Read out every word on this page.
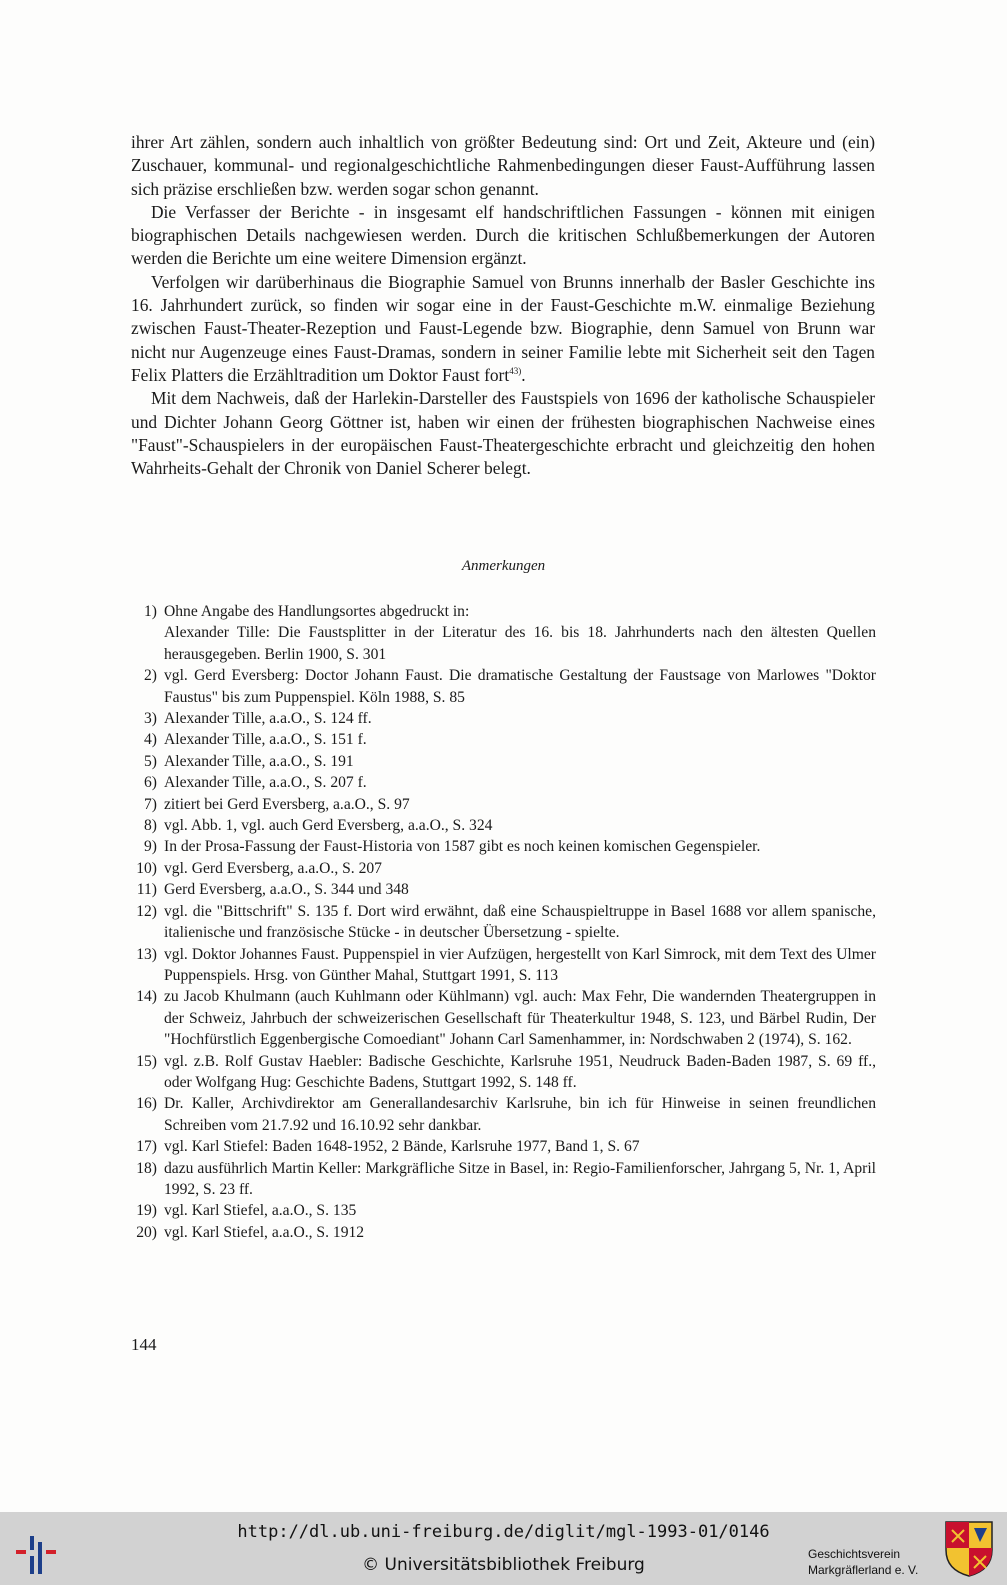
ihrer Art zählen, sondern auch inhaltlich von größter Bedeutung sind: Ort und Zeit, Akteure und (ein) Zuschauer, kommunal- und regionalgeschichtliche Rahmenbedingungen dieser Faust-Aufführung lassen sich präzise erschließen bzw. werden sogar schon genannt.

Die Verfasser der Berichte - in insgesamt elf handschriftlichen Fassungen - können mit einigen biographischen Details nachgewiesen werden. Durch die kritischen Schlußbemerkungen der Autoren werden die Berichte um eine weitere Dimension ergänzt.

Verfolgen wir darüberhinaus die Biographie Samuel von Brunns innerhalb der Basler Geschichte ins 16. Jahrhundert zurück, so finden wir sogar eine in der Faust-Geschichte m.W. einmalige Beziehung zwischen Faust-Theater-Rezeption und Faust-Legende bzw. Biographie, denn Samuel von Brunn war nicht nur Augenzeuge eines Faust-Dramas, sondern in seiner Familie lebte mit Sicherheit seit den Tagen Felix Platters die Erzähltradition um Doktor Faust fort$^{43)}$.

Mit dem Nachweis, daß der Harlekin-Darsteller des Faustspiels von 1696 der katholische Schauspieler und Dichter Johann Georg Göttner ist, haben wir einen der frühesten biographischen Nachweise eines "Faust"-Schauspielers in der europäischen Faust-Theatergeschichte erbracht und gleichzeitig den hohen Wahrheits-Gehalt der Chronik von Daniel Scherer belegt.

Anmerkungen
1) Ohne Angabe des Handlungsortes abgedruckt in:
Alexander Tille: Die Faustsplitter in der Literatur des 16. bis 18. Jahrhunderts nach den ältesten Quellen herausgegeben. Berlin 1900, S. 301
2) vgl. Gerd Eversberg: Doctor Johann Faust. Die dramatische Gestaltung der Faustsage von Marlowes "Doktor Faustus" bis zum Puppenspiel. Köln 1988, S. 85
3) Alexander Tille, a.a.O., S. 124 ff.
4) Alexander Tille, a.a.O., S. 151 f.
5) Alexander Tille, a.a.O., S. 191
6) Alexander Tille, a.a.O., S. 207 f.
7) zitiert bei Gerd Eversberg, a.a.O., S. 97
8) vgl. Abb. 1, vgl. auch Gerd Eversberg, a.a.O., S. 324
9) In der Prosa-Fassung der Faust-Historia von 1587 gibt es noch keinen komischen Gegenspieler.
10) vgl. Gerd Eversberg, a.a.O., S. 207
11) Gerd Eversberg, a.a.O., S. 344 und 348
12) vgl. die "Bittschrift" S. 135 f. Dort wird erwähnt, daß eine Schauspieltruppe in Basel 1688 vor allem spanische, italienische und französische Stücke - in deutscher Übersetzung - spielte.
13) vgl. Doktor Johannes Faust. Puppenspiel in vier Aufzügen, hergestellt von Karl Simrock, mit dem Text des Ulmer Puppenspiels. Hrsg. von Günther Mahal, Stuttgart 1991, S. 113
14) zu Jacob Khulmann (auch Kuhlmann oder Kühlmann) vgl. auch: Max Fehr, Die wandernden Theatergruppen in der Schweiz, Jahrbuch der schweizerischen Gesellschaft für Theaterkultur 1948, S. 123, und Bärbel Rudin, Der "Hochfürstlich Eggenbergische Comoediant" Johann Carl Samenhammer, in: Nordschwaben 2 (1974), S. 162.
15) vgl. z.B. Rolf Gustav Haebler: Badische Geschichte, Karlsruhe 1951, Neudruck Baden-Baden 1987, S. 69 ff., oder Wolfgang Hug: Geschichte Badens, Stuttgart 1992, S. 148 ff.
16) Dr. Kaller, Archivdirektor am Generallandesarchiv Karlsruhe, bin ich für Hinweise in seinen freundlichen Schreiben vom 21.7.92 und 16.10.92 sehr dankbar.
17) vgl. Karl Stiefel: Baden 1648-1952, 2 Bände, Karlsruhe 1977, Band 1, S. 67
18) dazu ausführlich Martin Keller: Markgräfliche Sitze in Basel, in: Regio-Familienforscher, Jahrgang 5, Nr. 1, April 1992, S. 23 ff.
19) vgl. Karl Stiefel, a.a.O., S. 135
20) vgl. Karl Stiefel, a.a.O., S. 1912
144
http://dl.ub.uni-freiburg.de/diglit/mgl-1993-01/0146
© Universitätsbibliothek Freiburg
Geschichtsverein
Markgräflerland e. V.
